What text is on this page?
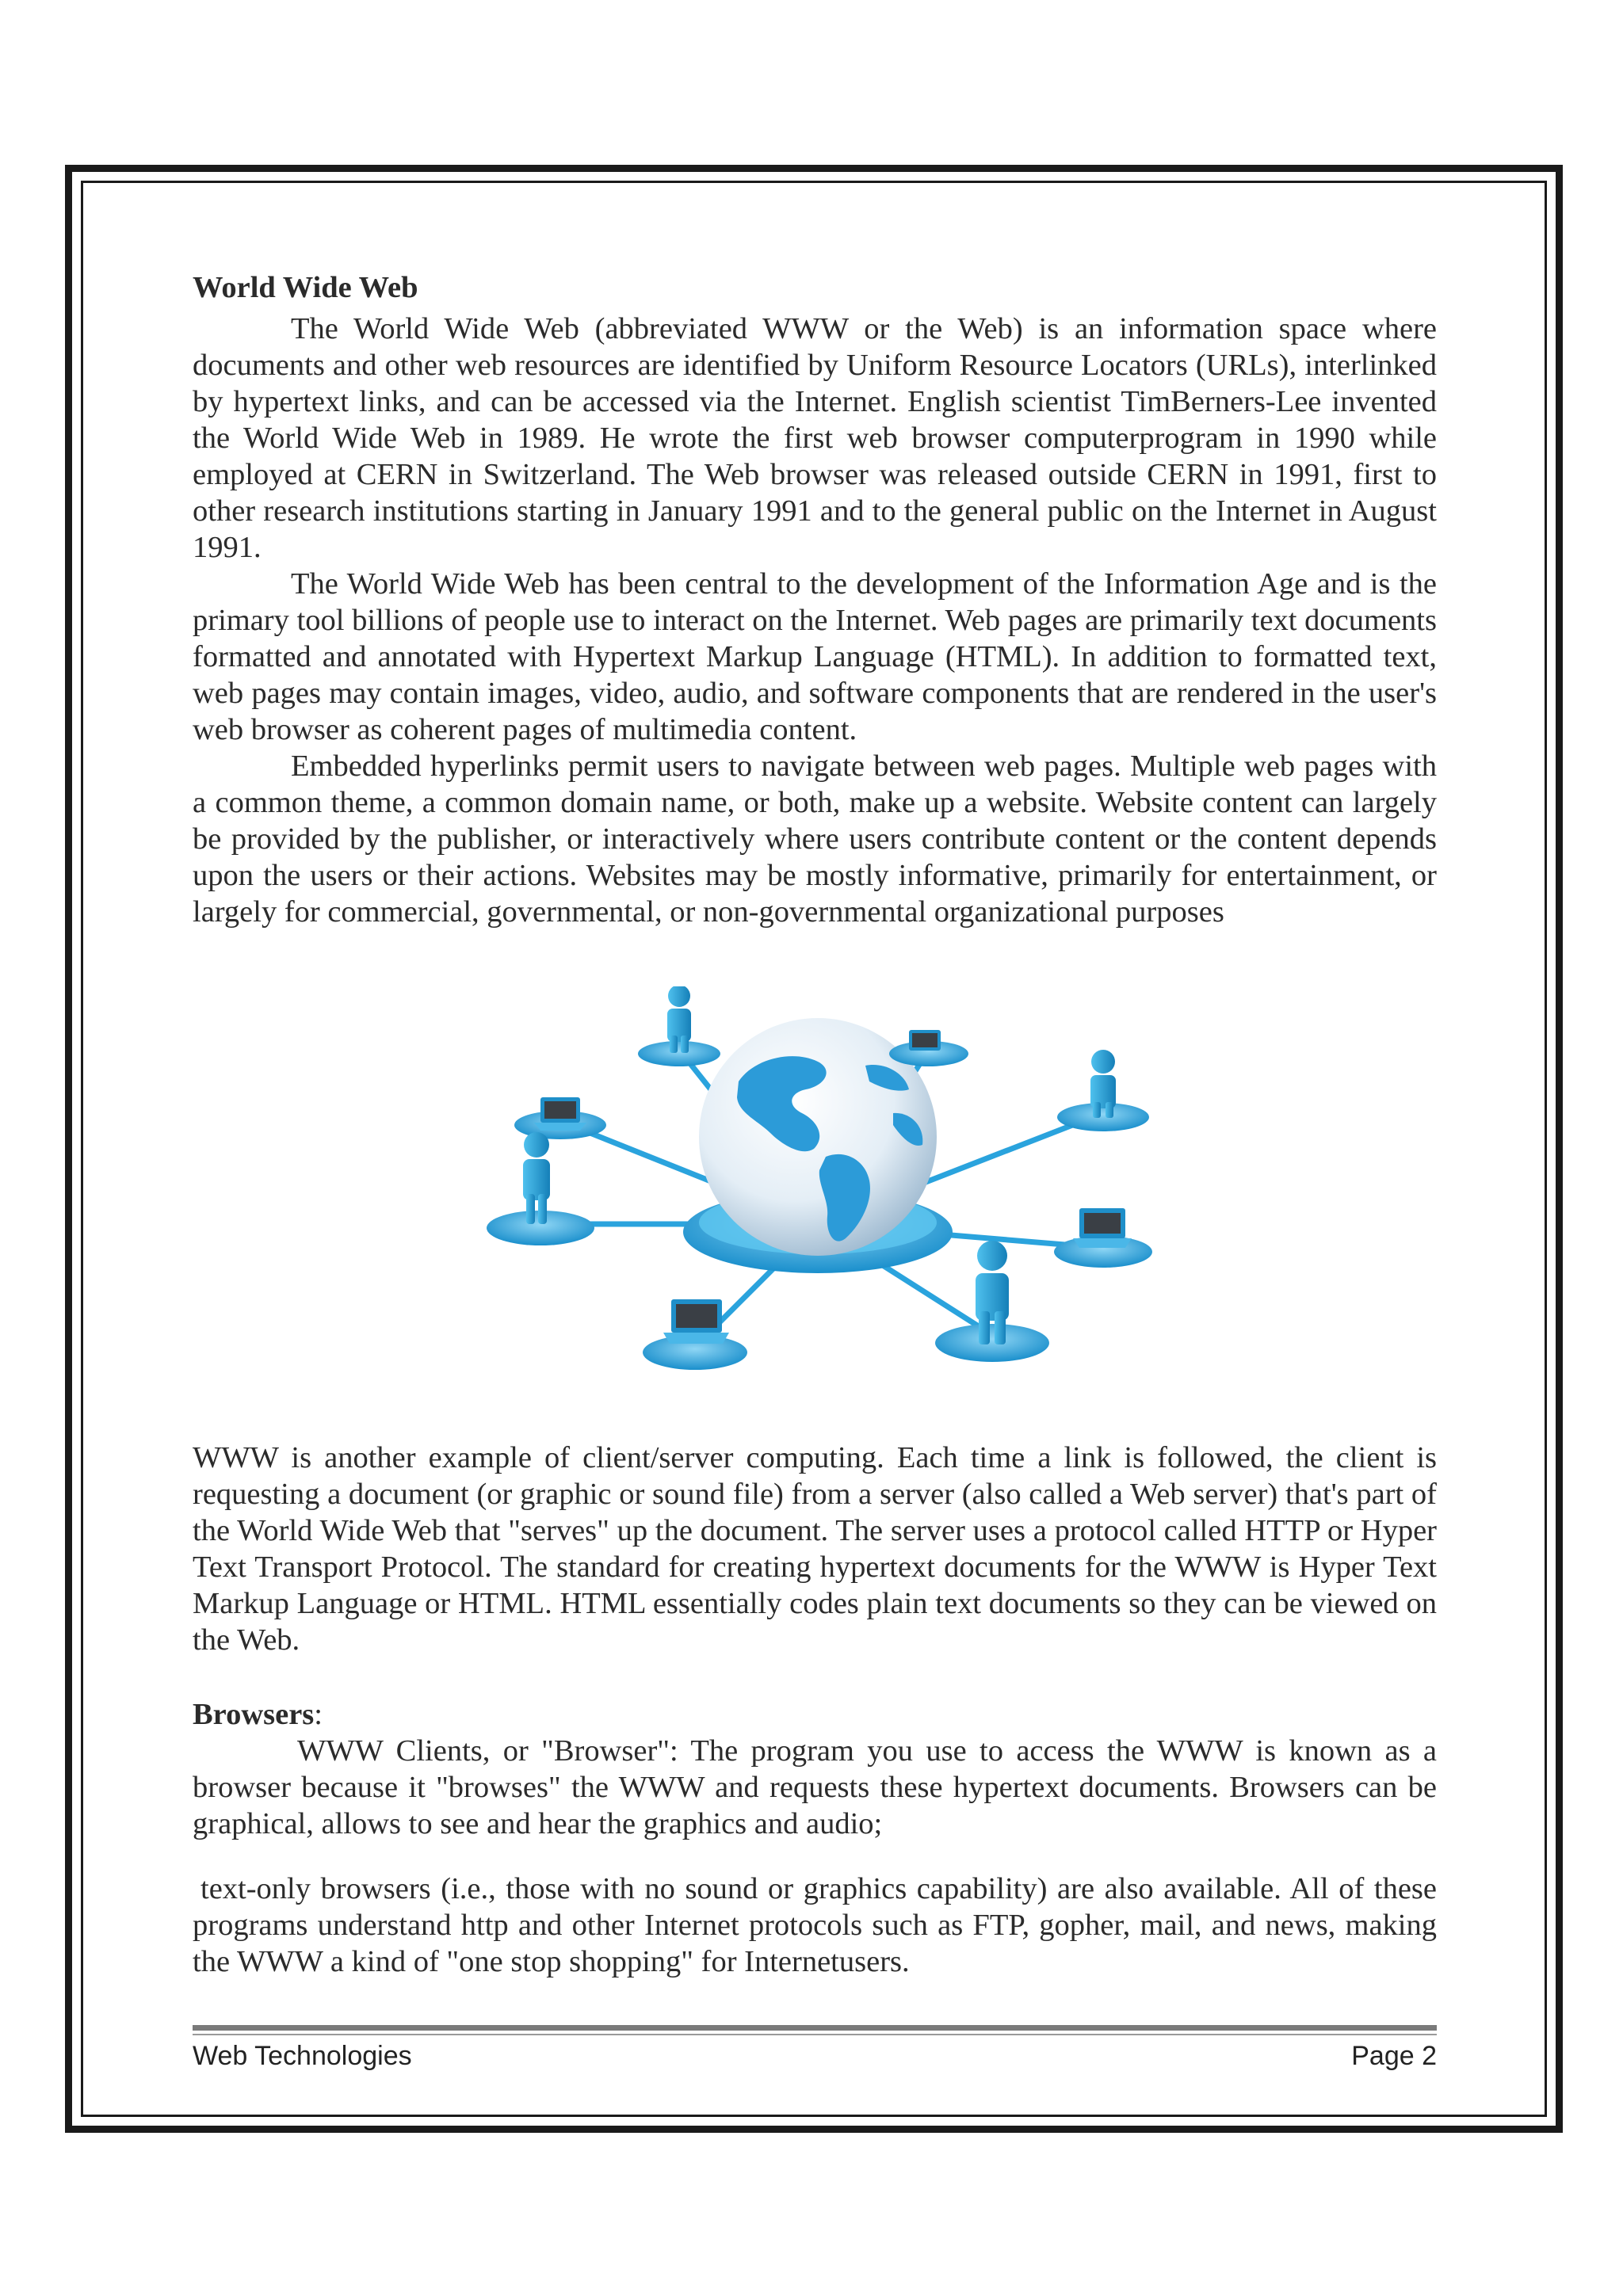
World Wide Web

The World Wide Web (abbreviated WWW or the Web) is an information space where documents and other web resources are identified by Uniform Resource Locators (URLs), interlinked by hypertext links, and can be accessed via the Internet. English scientist TimBerners-Lee invented the World Wide Web in 1989. He wrote the first web browser computerprogram in 1990 while employed at CERN in Switzerland. The Web browser was released outside CERN in 1991, first to other research institutions starting in January 1991 and to the general public on the Internet in August 1991.

The World Wide Web has been central to the development of the Information Age and is the primary tool billions of people use to interact on the Internet. Web pages are primarily text documents formatted and annotated with Hypertext Markup Language (HTML). In addition to formatted text, web pages may contain images, video, audio, and software components that are rendered in the user's web browser as coherent pages of multimedia content.

Embedded hyperlinks permit users to navigate between web pages. Multiple web pages with a common theme, a common domain name, or both, make up a website. Website content can largely be provided by the publisher, or interactively where users contribute content or the content depends upon the users or their actions. Websites may be mostly informative, primarily for entertainment, or largely for commercial, governmental, or non-governmental organizational purposes

WWW is another example of client/server computing. Each time a link is followed, the client is requesting a document (or graphic or sound file) from a server (also called a Web server) that's part of the World Wide Web that "serves" up the document. The server uses a protocol called HTTP or Hyper Text Transport Protocol. The standard for creating hypertext documents for the WWW is Hyper Text Markup Language or HTML. HTML essentially codes plain text documents so they can be viewed on the Web.

Browsers:

WWW Clients, or "Browser": The program you use to access the WWW is known as a browser because it "browses" the WWW and requests these hypertext documents. Browsers can be graphical, allows to see and hear the graphics and audio;

text-only browsers (i.e., those with no sound or graphics capability) are also available. All of these programs understand http and other Internet protocols such as FTP, gopher, mail, and news, making the WWW a kind of "one stop shopping" for Internetusers.

Web Technologies	Page 2
